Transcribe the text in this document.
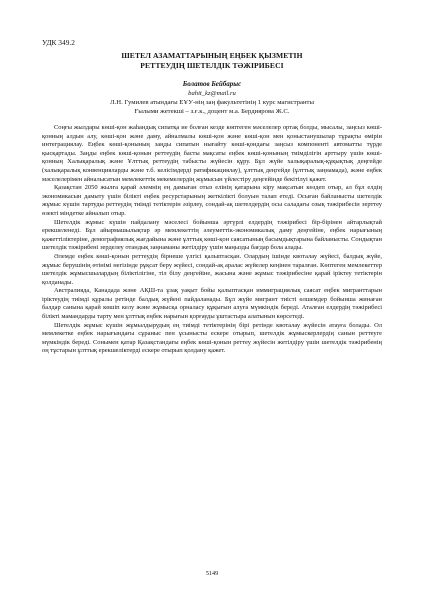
УДК 349.2
ШЕТЕЛ АЗАМАТТАРЫНЫҢ ЕҢБЕК ҚЫЗМЕТІН
РЕТТЕУДІҢ ШЕТЕЛДІК ТӘЖІРИБЕСІ
Болатов Бейбарыс
bahit_kz@mail.ru
Л.Н. Гумилев атындағы ЕҰУ-нің заң факультетінің 1 курс магистранты
Ғылыми жетекші – з.ғ.к., доцент м.а. Бердиярова Ж.С.

Соңғы жылдары көші-қон жаһандық сипатқа ие болған кезде көптеген мәселелер ортақ болды, мысалы, заңсыз көші-қонның алдын алу, көші-қон және даму, айналмалы көші-қон және көші-қон мен қоныстанушылар тұрақты өмірін интеграциялау. Еңбек көші-қонының заңды сипатын нығайту көші-қондағы заңсыз компоненті автоматты түрде қысқартады. Заңды еңбек көші-қонын реттеудің басты мақсаты еңбек көші-қонының тиімділігін арттыру үшін көші-қонның Халықаралық және Ұлттық реттеудің табысты жүйесін құру. Бұл жүйе халықаралық-құқықтық деңгейде (халықаралық конвенцияларды және т.б. келісімдерді ратификациялау), ұлттық деңгейде (ұлттық заңнамада), және еңбек мәселелерімен айналысатын мемлекеттік мекемелердің жұмысын үйлестіру деңгейінде бекітілуі қажет.

Қазақстан 2050 жылға қарай әлемнің ең дамыған отыз елінің қатарына кіру мақсатын көздеп отыр, ал бұл елдің экономикасын дамыту үшін білікті еңбек ресурстарының жеткілікті болуын талап етеді. Осыған байланысты шетелдік жұмыс күшін тартуды реттеудің тиімді тетіктерін әзірлеу, сондай-ақ шетелдердің осы саладағы озық тәжірибесін зерттеу өзекті міндетке айналып отыр.

Шетелдік жұмыс күшін пайдалану мәселесі бойынша әртүрлі елдердің тәжірибесі бір-бірінен айтарлықтай ерекшеленеді. Бұл айырмашылықтар әр мемлекеттің әлеуметтік-экономикалық даму деңгейіне, еңбек нарығының қажеттіліктеріне, демографиялық жағдайына және ұлттық көші-қон саясатының басымдықтарына байланысты. Сондықтан шетелдік тәжірибені зерделеу отандық заңнаманы жетілдіру үшін маңызды бағдар бола алады.

Әлемде еңбек көші-қонын реттеудің бірнеше үлгісі қалыптасқан. Олардың ішінде квоталау жүйесі, балдық жүйе, жұмыс берушінің өтінімі негізінде рұқсат беру жүйесі, сондай-ақ аралас жүйелер кеңінен таралған. Көптеген мемлекеттер шетелдік жұмысшылардың біліктілігіне, тіл білу деңгейіне, жасына және жұмыс тәжірибесіне қарай іріктеу тетіктерін қолданады.

Австралияда, Канадада және АҚШ-та ұзақ уақыт бойы қалыптасқан иммиграциялық саясат еңбек мигранттарын іріктеудің тиімді құралы ретінде балдық жүйені пайдаланады. Бұл жүйе мигрант тиісті өлшемдер бойынша жинаған балдар санына қарай көшіп келу және жұмысқа орналасу құқығын алуға мүмкіндік береді. Аталған елдердің тәжірибесі білікті мамандарды тарту мен ұлттық еңбек нарығын қорғауды ұштастыра алатынын көрсетеді.

Шетелдік жұмыс күшін жұмылдырудың ең тиімді тетіктерінің бірі ретінде квоталау жүйесін атауға болады. Ол мемлекетке еңбек нарығындағы сұраныс пен ұсынысты ескере отырып, шетелдік жұмыскерлердің санын реттеуге мүмкіндік береді. Сонымен қатар Қазақстандағы еңбек көші-қонын реттеу жүйесін жетілдіру үшін шетелдік тәжірибенің оң тұстарын ұлттық ерекшеліктерді ескере отырып қолдану қажет.

5149
